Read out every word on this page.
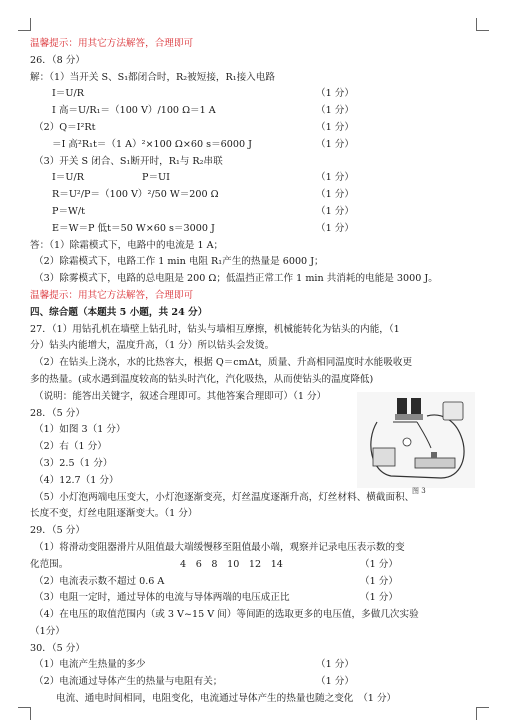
温馨提示：用其它方法解答，合理即可
26．（8 分）
解：（1）当开关 S、S₁都闭合时，R₂被短接，R₁接入电路
I＝U/R	（1 分）
I 高＝U/R₁＝（100 V）/100 Ω＝1 A	（1 分）
（2）Q＝I²Rt	（1 分）
＝I 高²R₁t＝（1 A）²×100 Ω×60 s＝6000 J	（1 分）
（3）开关 S 闭合、S₁断开时，R₁与 R₂串联
I＝U/R	P＝UI	（1 分）
R＝U²/P＝（100 V）²/50 W＝200 Ω	（1 分）
P＝W/t	（1 分）
E＝W＝P 低t＝50 W×60 s＝3000 J	（1 分）
答：（1）除霜模式下，电路中的电流是 1 A；
（2）除霜模式下，电路工作 1 min 电阻 R₁产生的热量是 6000 J；
（3）除雾模式下，电路的总电阻是 200 Ω；低温挡正常工作 1 min 共消耗的电能是 3000 J。
温馨提示：用其它方法解答，合理即可
四、综合题（本题共 5 小题，共 24 分）
27．（1）用钻孔机在墙壁上钻孔时，钻头与墙相互摩擦，机械能转化为钻头的内能，（1
分）钻头内能增大，温度升高，（1 分）所以钻头会发烫。
（2）在钻头上浇水，水的比热容大，根据 Q＝cmΔt，质量、升高相同温度时水能吸收更
多的热量。(或水遇到温度较高的钻头时汽化，汽化吸热，从而使钻头的温度降低)
（说明：能答出关键字，叙述合理即可。其他答案合理即可）（1 分）
28．（5 分）
（1）如图 3（1 分）
（2）右（1 分）
（3）2.5（1 分）
（4）12.7（1 分）
（5）小灯泡两端电压变大，小灯泡逐渐变亮，灯丝温度逐渐升高，灯丝材料、横截面积、
长度不变，灯丝电阻逐渐变大。（1 分）
29．（5 分）
（1）将滑动变阻器滑片从阻值最大端缓慢移至阻值最小端，观察并记录电压表示数的变
化范围。	4　6　8　10　12　14	（1 分）
（2）电流表示数不超过 0.6 A	（1 分）
（3）电阻一定时，通过导体的电流与导体两端的电压成正比	（1 分）
（4）在电压的取值范围内（或 3 V~15 V 间）等间距的选取更多的电压值，多做几次实验
（1分）
30．（5 分）
（1）电流产生热量的多少	（1 分）
（2）电流通过导体产生的热量与电阻有关；	（1 分）
电流、通电时间相同，电阻变化，电流通过导体产生的热量也随之变化　（1 分）
图 3
